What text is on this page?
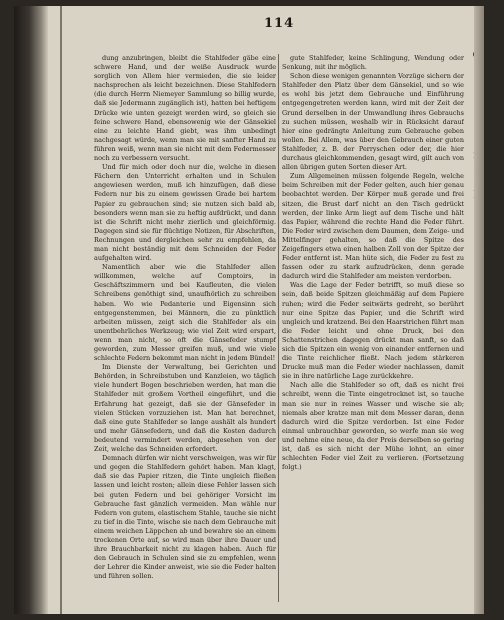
114

dung anzubringen, bleibt die Stahlfeder gäbe eine schwere Hand, und der weiße Ausdruck wurde sorglich von Allem hier vermieden, die sie leider nachsprechen als leicht bezeichnen. Diese Stahlfedern (die durch Herrn Niemeyer Sammlung so billig wurde, daß sie Jedermann zugänglich ist), hatten bei heftigem Drücke wie unten gezeigt werden wird, so gleich sie feine schwere Hand, ebensowenig wie der Gänsekiel eine zu leichte Hand giebt, was ihm unbedingt nachgesagt würde, wenn man sie mit sanfter Hand zu führen weiß, wenn man sie nicht mit dem Federmesser noch zu verbessern versucht.

Und für mich oder doch nur die, welche in diesen Fächern den Unterricht erhalten und in Schulen angewiesen werden, muß ich hinzufügen, daß diese Federn nur bis zu einem gewissen Grade bei hartem Papier zu gebrauchen sind; sie nutzen sich bald ab, besonders wenn man sie zu heftig aufdrückt, und dann ist die Schrift nicht mehr zierlich und gleichförmig. Dagegen sind sie für flüchtige Notizen, für Abschriften, Rechnungen und dergleichen sehr zu empfehlen, da man nicht beständig mit dem Schneiden der Feder aufgehalten wird.

Namentlich aber wie die Stahlfeder allen willkommen, welche auf Comptoirs, in Geschäftszimmern und bei Kaufleuten, die vielen Schreibens genöthigt sind, unaufhörlich zu schreiben haben. Wo wie Pedanterie und Eigensinn sich entgegenstemmen, bei Männern, die zu pünktlich arbeiten müssen, zeigt sich die Stahlfeder als ein unentbehrliches Werkzeug; wie viel Zeit wird erspart, wenn man nicht, so oft die Gänsefeder stumpf geworden, zum Messer greifen muß, und wie viele schlechte Federn bekommt man nicht in jedem Bündel!

Im Dienste der Verwaltung, bei Gerichten und Behörden, in Schreibstuben und Kanzleien, wo täglich viele hundert Bogen beschrieben werden, hat man die Stahlfeder mit großem Vortheil eingeführt, und die Erfahrung hat gezeigt, daß sie der Gänsefeder in vielen Stücken vorzuziehen ist. Man hat berechnet, daß eine gute Stahlfeder so lange aushält als hundert und mehr Gänsefedern, und daß die Kosten dadurch bedeutend vermindert werden, abgesehen von der Zeit, welche das Schneiden erfordert.

Demnach dürfen wir nicht verschweigen, was wir für und gegen die Stahlfedern gehört haben. Man klagt, daß sie das Papier ritzen, die Tinte ungleich fließen lassen und leicht rosten; allein diese Fehler lassen sich bei guten Federn und bei gehöriger Vorsicht im Gebrauche fast gänzlich vermeiden. Man wähle nur Federn von gutem, elastischem Stahle, tauche sie nicht zu tief in die Tinte, wische sie nach dem Gebrauche mit einem weichen Läppchen ab und bewahre sie an einem trockenen Orte auf, so wird man über ihre Dauer und ihre Brauchbarkeit nicht zu klagen haben. Auch für den Gebrauch in Schulen sind sie zu empfehlen, wenn der Lehrer die Kinder anweist, wie sie die Feder halten und führen sollen.

gute Stahlfeder, keine Schlingung, Wendung oder Senkung, mit ihr möglich.

Schon diese wenigen genannten Vorzüge sichern der Stahlfeder den Platz über dem Gänsekiel, und so wie es wohl bis jetzt dem Gebrauche und Einführung entgegengetreten werden kann, wird mit der Zeit der Grund derselben in der Umwandlung ihres Gebrauchs zu suchen müssen, weshalb wir in Rücksicht darauf hier eine gedrängte Anleitung zum Gebrauche geben wollen. Bei Allem, was über den Gebrauch einer guten Stahlfeder, z. B. der Perryschen oder der, die hier durchaus gleichkommenden, gesagt wird, gilt auch von allen übrigen guten Sorten dieser Art.

Zum Allgemeinen müssen folgende Regeln, welche beim Schreiben mit der Feder gelten, auch hier genau beobachtet werden. Der Körper muß gerade und frei sitzen, die Brust darf nicht an den Tisch gedrückt werden, der linke Arm liegt auf dem Tische und hält das Papier, während die rechte Hand die Feder führt. Die Feder wird zwischen dem Daumen, dem Zeige- und Mittelfinger gehalten, so daß die Spitze des Zeigefingers etwa einen halben Zoll von der Spitze der Feder entfernt ist. Man hüte sich, die Feder zu fest zu fassen oder zu stark aufzudrücken, denn gerade dadurch wird die Stahlfeder am meisten verdorben.

Was die Lage der Feder betrifft, so muß diese so sein, daß beide Spitzen gleichmäßig auf dem Papiere ruhen; wird die Feder seitwärts gedreht, so berührt nur eine Spitze das Papier, und die Schrift wird ungleich und kratzend. Bei den Haarstrichen führt man die Feder leicht und ohne Druck, bei den Schattenstrichen dagegen drückt man sanft, so daß sich die Spitzen ein wenig von einander entfernen und die Tinte reichlicher fließt. Nach jedem stärkeren Drucke muß man die Feder wieder nachlassen, damit sie in ihre natürliche Lage zurückkehre.

Nach alle die Stahlfeder so oft, daß es nicht frei schreibt, wenn die Tinte eingetrocknet ist, so tauche man sie nur in reines Wasser und wische sie ab; niemals aber kratze man mit dem Messer daran, denn dadurch wird die Spitze verdorben. Ist eine Feder einmal unbrauchbar geworden, so werfe man sie weg und nehme eine neue, da der Preis derselben so gering ist, daß es sich nicht der Mühe lohnt, an einer schlechten Feder viel Zeit zu verlieren. (Fortsetzung folgt.)
